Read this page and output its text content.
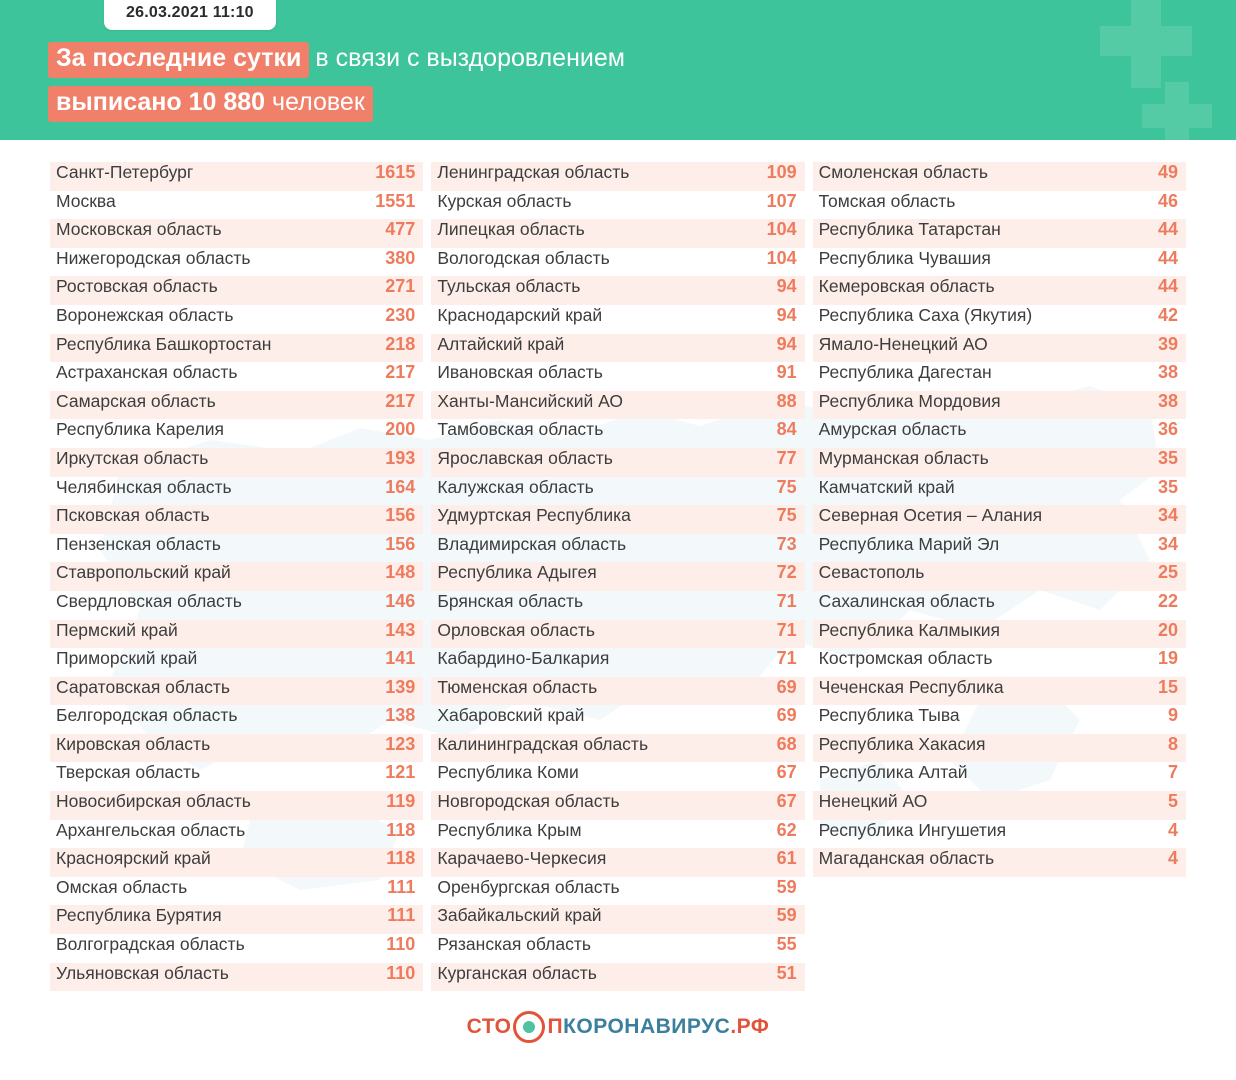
26.03.2021 11:10
За последние сутки в связи с выздоровлением
выписано 10 880 человек
Санкт-Петербург	1615
Москва	1551
Московская область	477
Нижегородская область	380
Ростовская область	271
Воронежская область	230
Республика Башкортостан	218
Астраханская область	217
Самарская область	217
Республика Карелия	200
Иркутская область	193
Челябинская область	164
Псковская область	156
Пензенская область	156
Ставропольский край	148
Свердловская область	146
Пермский край	143
Приморский край	141
Саратовская область	139
Белгородская область	138
Кировская область	123
Тверская область	121
Новосибирская область	119
Архангельская область	118
Красноярский край	118
Омская область	111
Республика Бурятия	111
Волгоградская область	110
Ульяновская область	110
Ленинградская область	109
Курская область	107
Липецкая область	104
Вологодская область	104
Тульская область	94
Краснодарский край	94
Алтайский край	94
Ивановская область	91
Ханты-Мансийский АО	88
Тамбовская область	84
Ярославская область	77
Калужская область	75
Удмуртская Республика	75
Владимирская область	73
Республика Адыгея	72
Брянская область	71
Орловская область	71
Кабардино-Балкария	71
Тюменская область	69
Хабаровский край	69
Калининградская область	68
Республика Коми	67
Новгородская область	67
Республика Крым	62
Карачаево-Черкесия	61
Оренбургская область	59
Забайкальский край	59
Рязанская область	55
Курганская область	51
Смоленская область	49
Томская область	46
Республика Татарстан	44
Республика Чувашия	44
Кемеровская область	44
Республика Саха (Якутия)	42
Ямало-Ненецкий АО	39
Республика Дагестан	38
Республика Мордовия	38
Амурская область	36
Мурманская область	35
Камчатский край	35
Северная Осетия – Алания	34
Республика Марий Эл	34
Севастополь	25
Сахалинская область	22
Республика Калмыкия	20
Костромская область	19
Чеченская Республика	15
Республика Тыва	9
Республика Хакасия	8
Республика Алтай	7
Ненецкий АО	5
Республика Ингушетия	4
Магаданская область	4
СТО П КОРОНАВИРУС .РФ
